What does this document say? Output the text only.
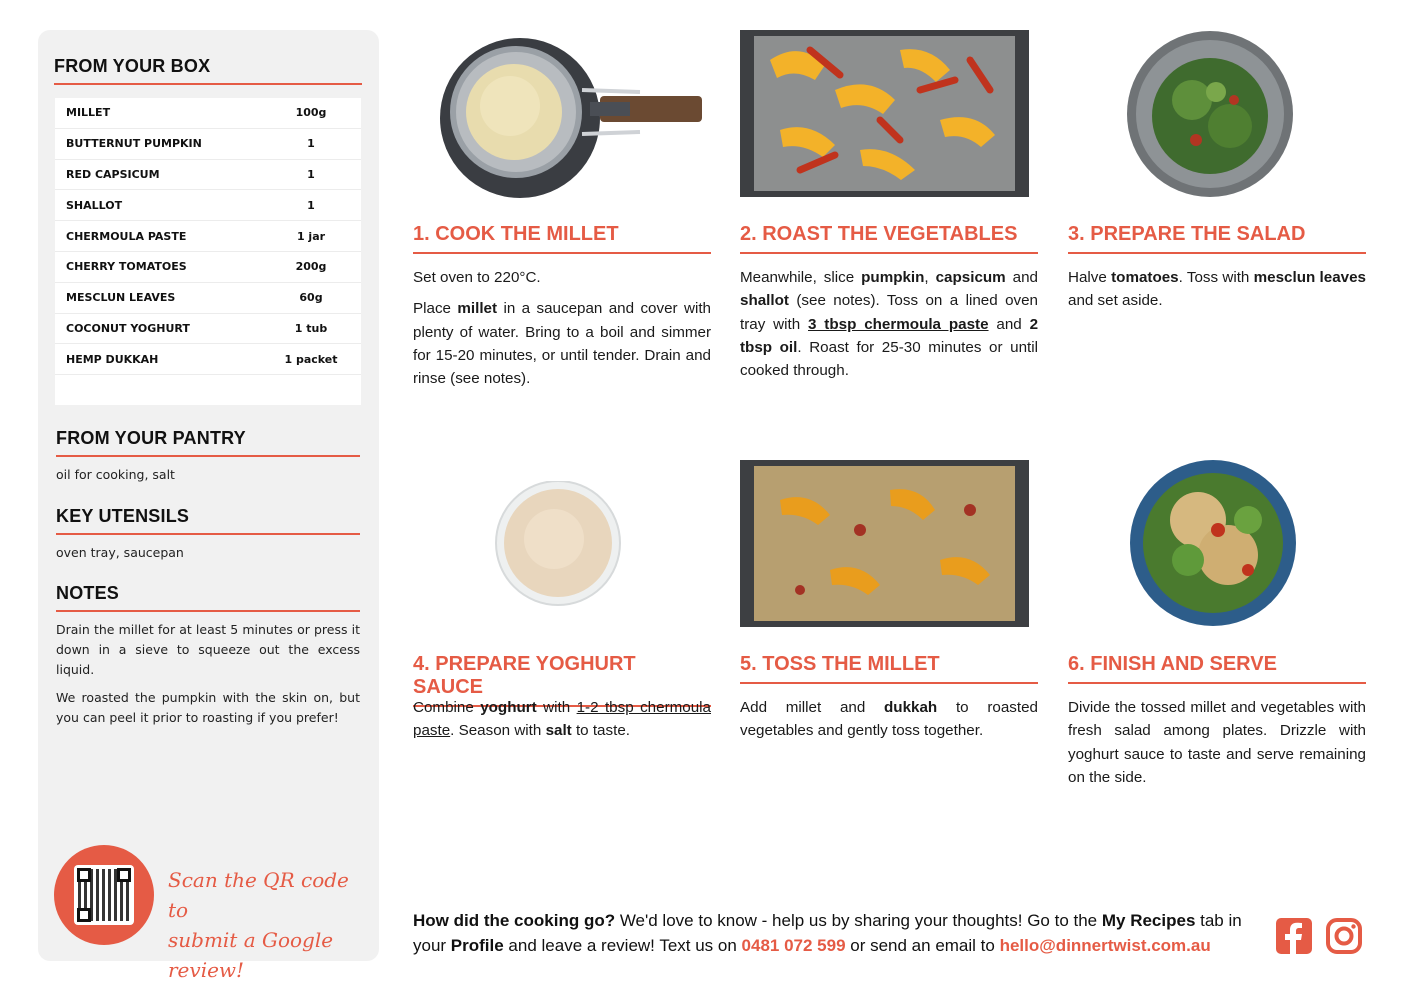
FROM YOUR BOX
MILLET	100g
BUTTERNUT PUMPKIN	1
RED CAPSICUM	1
SHALLOT	1
CHERMOULA PASTE	1 jar
CHERRY TOMATOES	200g
MESCLUN LEAVES	60g
COCONUT YOGHURT	1 tub
HEMP DUKKAH	1 packet
FROM YOUR PANTRY
oil for cooking, salt
KEY UTENSILS
oven tray, saucepan
NOTES

Drain the millet for at least 5 minutes or press it down in a sieve to squeeze out the excess liquid.

We roasted the pumpkin with the skin on, but you can peel it prior to roasting if you prefer!

Scan the QR code to
submit a Google review!
1. COOK THE MILLET

Set oven to 220°C.

Place millet in a saucepan and cover with plenty of water. Bring to a boil and simmer for 15-20 minutes, or until tender. Drain and rinse (see notes).

2. ROAST THE VEGETABLES

Meanwhile, slice pumpkin, capsicum and shallot (see notes). Toss on a lined oven tray with 3 tbsp chermoula paste and 2 tbsp oil. Roast for 25-30 minutes or until cooked through.

3. PREPARE THE SALAD

Halve tomatoes. Toss with mesclun leaves and set aside.

4. PREPARE YOGHURT SAUCE

Combine yoghurt with 1-2 tbsp chermoula paste. Season with salt to taste.

5. TOSS THE MILLET

Add millet and dukkah to roasted vegetables and gently toss together.

6. FINISH AND SERVE

Divide the tossed millet and vegetables with fresh salad among plates. Drizzle with yoghurt sauce to taste and serve remaining on the side.

How did the cooking go? We'd love to know - help us by sharing your thoughts! Go to the My Recipes tab in your Profile and leave a review! Text us on 0481 072 599 or send an email to hello@dinnertwist.com.au
